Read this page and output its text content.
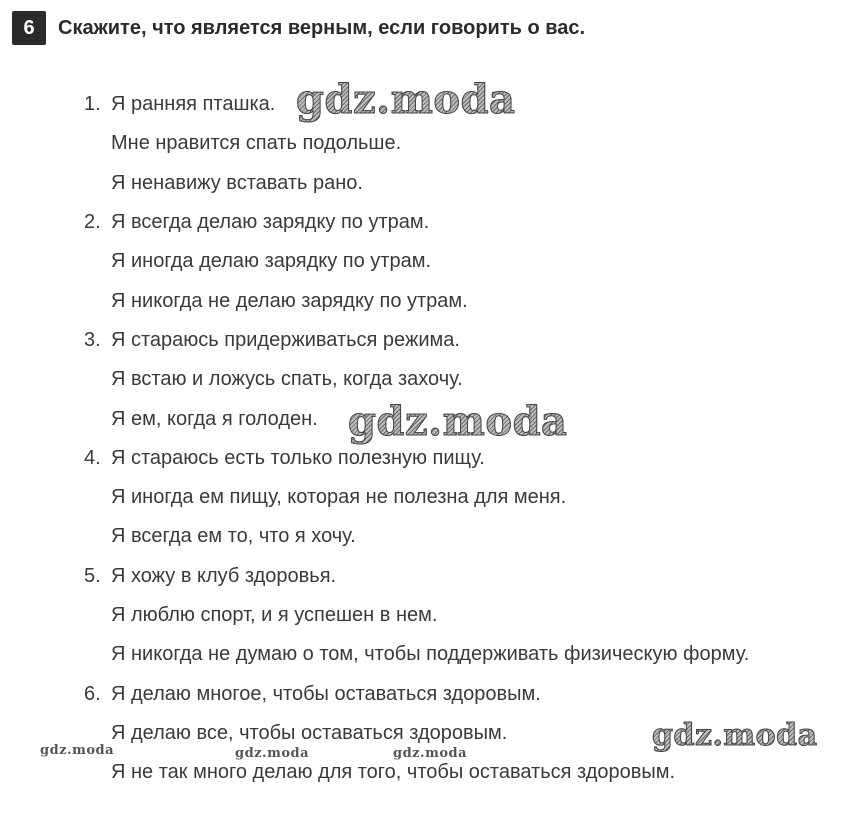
6	Скажите, что является верным, если говорить о вас.
1. Я ранняя пташка.
Мне нравится спать подольше.
Я ненавижу вставать рано.
2. Я всегда делаю зарядку по утрам.
Я иногда делаю зарядку по утрам.
Я никогда не делаю зарядку по утрам.
3. Я стараюсь придерживаться режима.
Я встаю и ложусь спать, когда захочу.
Я ем, когда я голоден.
4. Я стараюсь есть только полезную пищу.
Я иногда ем пищу, которая не полезна для меня.
Я всегда ем то, что я хочу.
5. Я хожу в клуб здоровья.
Я люблю спорт, и я успешен в нем.
Я никогда не думаю о том, чтобы поддерживать физическую форму.
6. Я делаю многое, чтобы оставаться здоровым.
Я делаю все, чтобы оставаться здоровым.
Я не так много делаю для того, чтобы оставаться здоровым.
gdz.moda
gdz.moda
gdz.moda
gdz.moda	gdz.moda	gdz.moda
